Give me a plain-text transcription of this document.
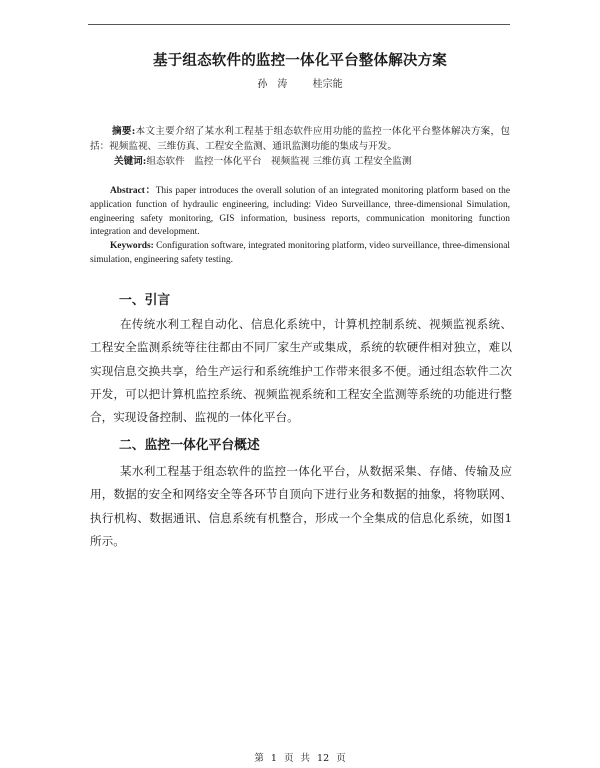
基于组态软件的监控一体化平台整体解决方案
孙　涛	桂宗能

摘要:本文主要介绍了某水利工程基于组态软件应用功能的监控一体化平台整体解决方案，包括：视频监视、三维仿真、工程安全监测、通讯监测功能的集成与开发。

关键词:组态软件　监控一体化平台　视频监视 三维仿真 工程安全监测

Abstract：This paper introduces the overall solution of an integrated monitoring platform based on the application function of hydraulic engineering, including: Video Surveillance, three-dimensional Simulation, engineering safety monitoring, GIS information, business reports, communication monitoring function integration and development.

Keywords: Configuration software, integrated monitoring platform, video surveillance, three-dimensional simulation, engineering safety testing.

一、引言

在传统水利工程自动化、信息化系统中，计算机控制系统、视频监视系统、工程安全监测系统等往往都由不同厂家生产或集成，系统的软硬件相对独立，难以实现信息交换共享，给生产运行和系统维护工作带来很多不便。通过组态软件二次开发，可以把计算机监控系统、视频监视系统和工程安全监测等系统的功能进行整合，实现设备控制、监视的一体化平台。

二、监控一体化平台概述

某水利工程基于组态软件的监控一体化平台，从数据采集、存储、传输及应用，数据的安全和网络安全等各环节自顶向下进行业务和数据的抽象，将物联网、执行机构、数据通讯、信息系统有机整合，形成一个全集成的信息化系统，如图1所示。

第 1 页 共 12 页
